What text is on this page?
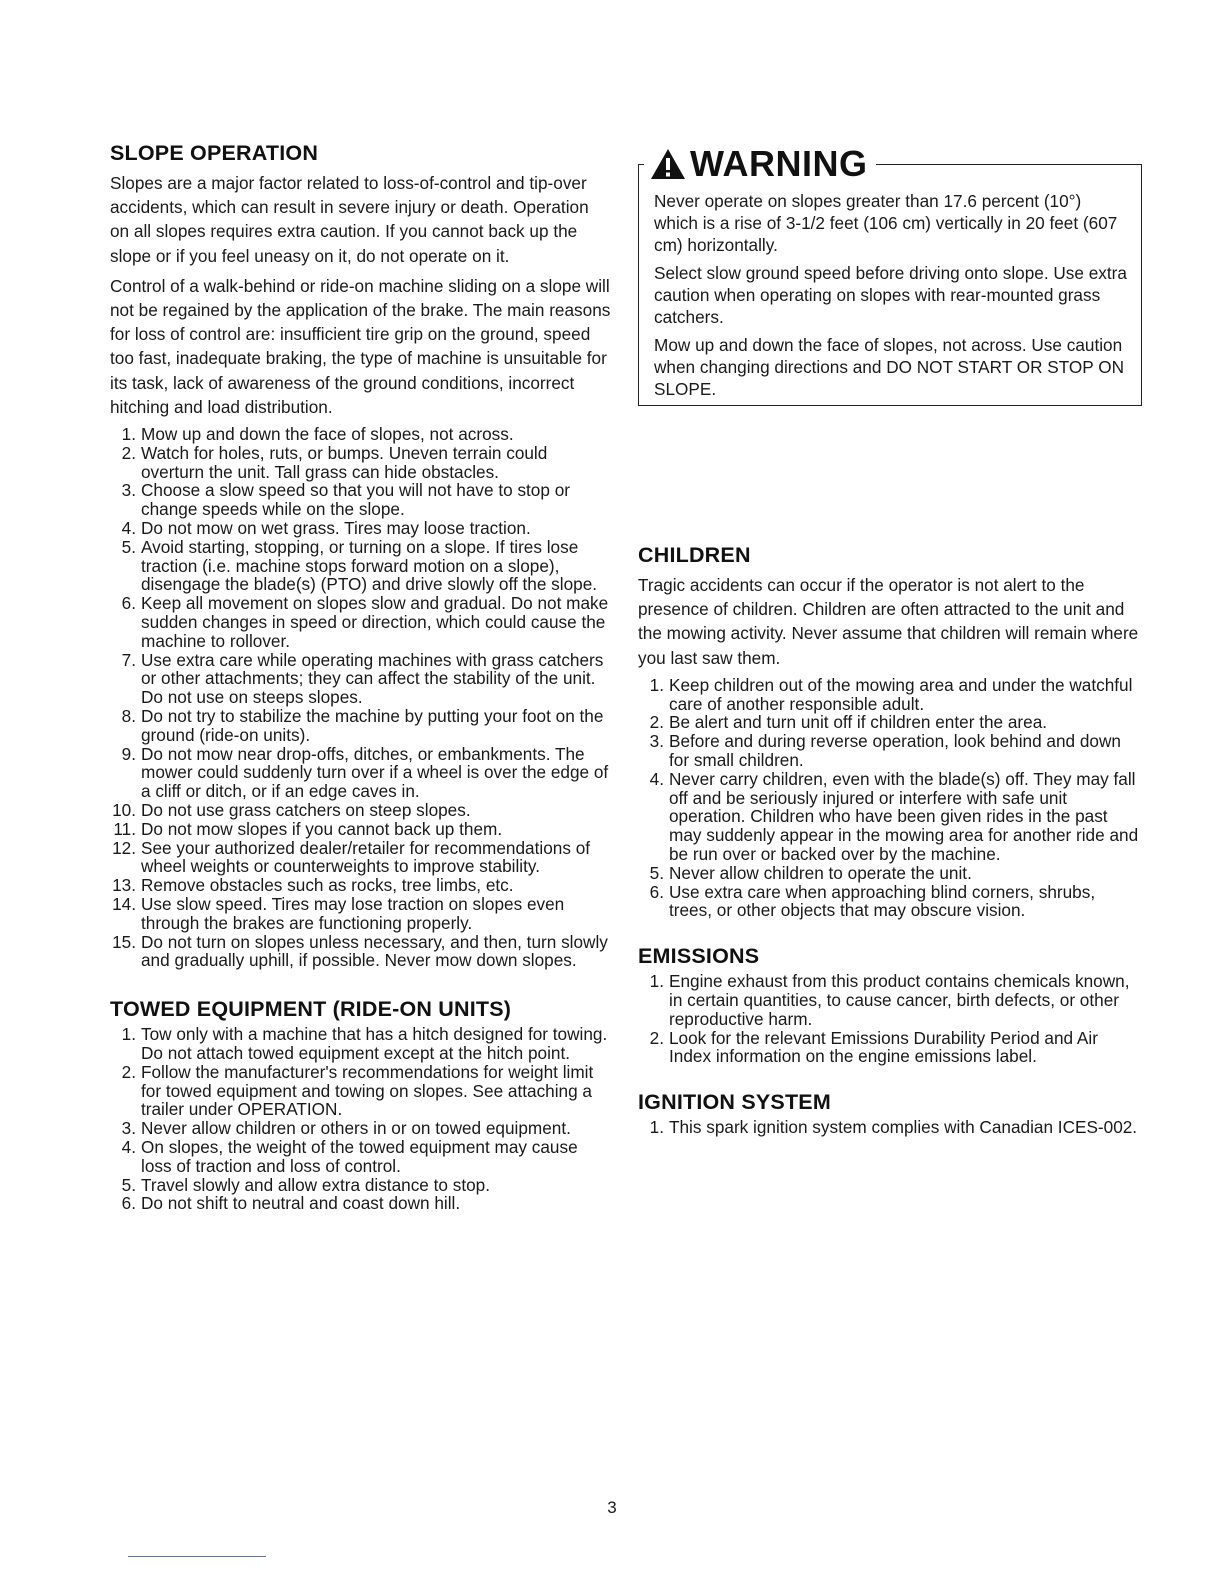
SLOPE OPERATION

Slopes are a major factor related to loss-of-control and tip-over accidents, which can result in severe injury or death. Operation on all slopes requires extra caution. If you cannot back up the slope or if you feel uneasy on it, do not operate on it.

Control of a walk-behind or ride-on machine sliding on a slope will not be regained by the application of the brake. The main reasons for loss of control are: insufficient tire grip on the ground, speed too fast, inadequate braking, the type of machine is unsuitable for its task, lack of awareness of the ground conditions, incorrect hitching and load distribution.

1. Mow up and down the face of slopes, not across.
2. Watch for holes, ruts, or bumps. Uneven terrain could overturn the unit. Tall grass can hide obstacles.
3. Choose a slow speed so that you will not have to stop or change speeds while on the slope.
4. Do not mow on wet grass. Tires may loose traction.
5. Avoid starting, stopping, or turning on a slope. If tires lose traction (i.e. machine stops forward motion on a slope), disengage the blade(s) (PTO) and drive slowly off the slope.
6. Keep all movement on slopes slow and gradual. Do not make sudden changes in speed or direction, which could cause the machine to rollover.
7. Use extra care while operating machines with grass catchers or other attachments; they can affect the stability of the unit. Do not use on steeps slopes.
8. Do not try to stabilize the machine by putting your foot on the ground (ride-on units).
9. Do not mow near drop-offs, ditches, or embankments. The mower could suddenly turn over if a wheel is over the edge of a cliff or ditch, or if an edge caves in.
10. Do not use grass catchers on steep slopes.
11. Do not mow slopes if you cannot back up them.
12. See your authorized dealer/retailer for recommendations of wheel weights or counterweights to improve stability.
13. Remove obstacles such as rocks, tree limbs, etc.
14. Use slow speed. Tires may lose traction on slopes even through the brakes are functioning properly.
15. Do not turn on slopes unless necessary, and then, turn slowly and gradually uphill, if possible. Never mow down slopes.
TOWED EQUIPMENT (RIDE-ON UNITS)
1. Tow only with a machine that has a hitch designed for towing. Do not attach towed equipment except at the hitch point.
2. Follow the manufacturer's recommendations for weight limit for towed equipment and towing on slopes. See attaching a trailer under OPERATION.
3. Never allow children or others in or on towed equipment.
4. On slopes, the weight of the towed equipment may cause loss of traction and loss of control.
5. Travel slowly and allow extra distance to stop.
6. Do not shift to neutral and coast down hill.
WARNING

Never operate on slopes greater than 17.6 percent (10°) which is a rise of 3-1/2 feet (106 cm) vertically in 20 feet (607 cm) horizontally.

Select slow ground speed before driving onto slope. Use extra caution when operating on slopes with rear-mounted grass catchers.

Mow up and down the face of slopes, not across. Use caution when changing directions and DO NOT START OR STOP ON SLOPE.

CHILDREN

Tragic accidents can occur if the operator is not alert to the presence of children. Children are often attracted to the unit and the mowing activity. Never assume that children will remain where you last saw them.

1. Keep children out of the mowing area and under the watchful care of another responsible adult.
2. Be alert and turn unit off if children enter the area.
3. Before and during reverse operation, look behind and down for small children.
4. Never carry children, even with the blade(s) off. They may fall off and be seriously injured or interfere with safe unit operation. Children who have been given rides in the past may suddenly appear in the mowing area for another ride and be run over or backed over by the machine.
5. Never allow children to operate the unit.
6. Use extra care when approaching blind corners, shrubs, trees, or other objects that may obscure vision.
EMISSIONS
1. Engine exhaust from this product contains chemicals known, in certain quantities, to cause cancer, birth defects, or other reproductive harm.
2. Look for the relevant Emissions Durability Period and Air Index information on the engine emissions label.
IGNITION SYSTEM
1. This spark ignition system complies with Canadian ICES-002.
3
